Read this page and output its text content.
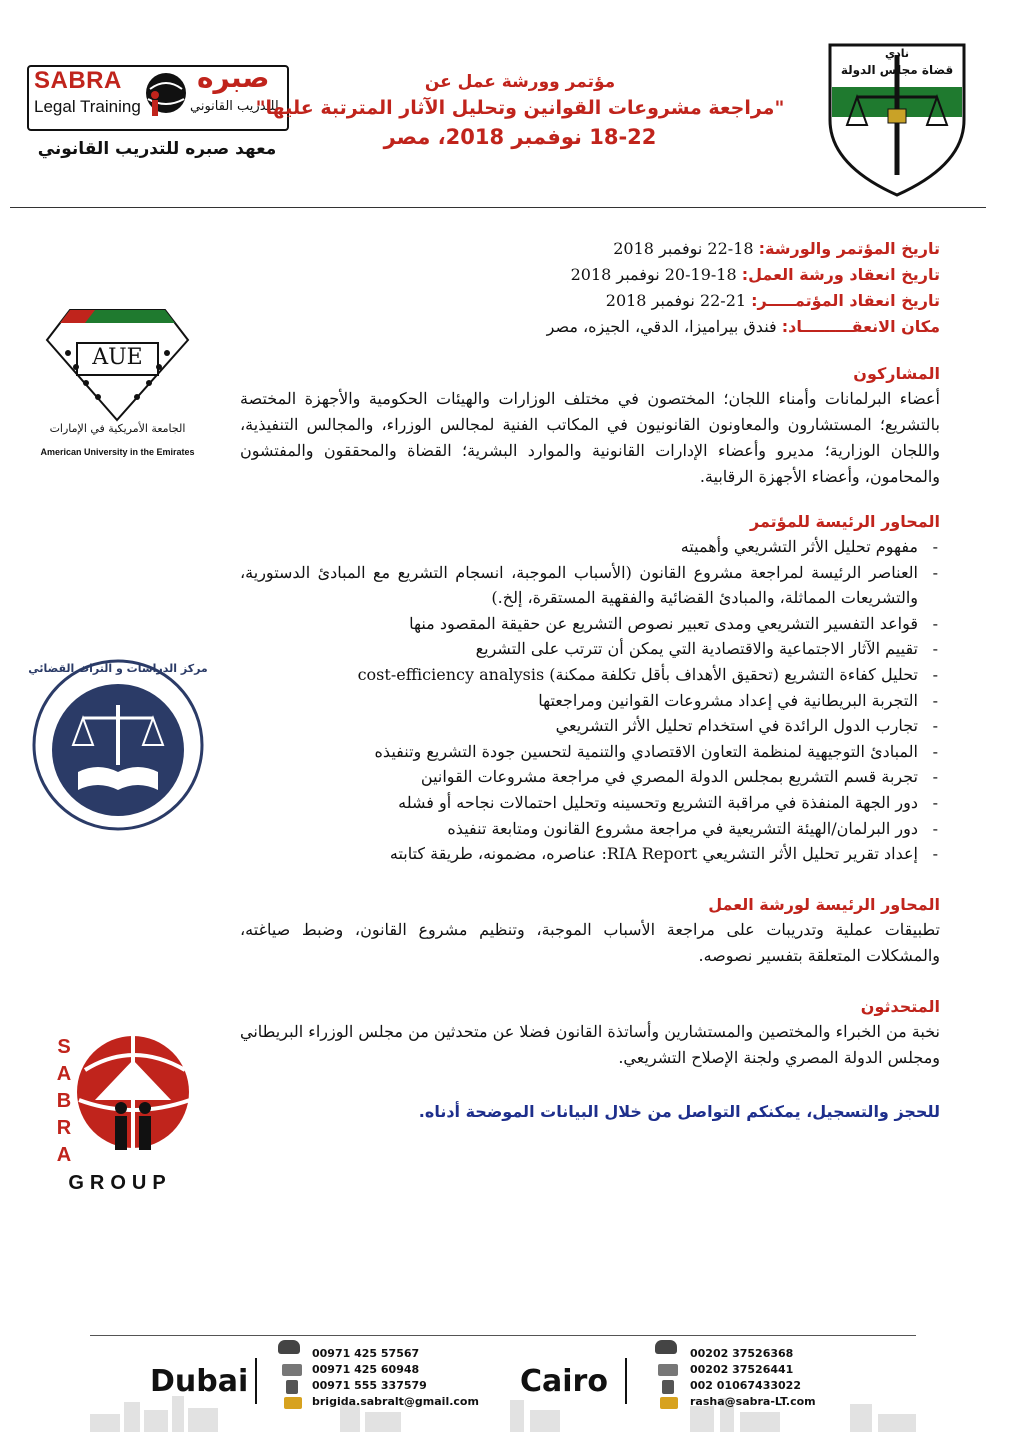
SABRA
Legal Training
صبره
للتدريب القانوني
معهد صبره للتدريب القانوني
نادي
قضاة مجلس الدولة
مؤتمر وورشة عمل عن
"مراجعة مشروعات القوانين وتحليل الآثار المترتبة عليها"
18-22 نوفمبر 2018، مصر
AUE
الجامعة الأمريكية في الإمارات
American University in the Emirates
مركز الدراسات و التراث القضائي
S
A
B
R
A
GROUP
تاريخ المؤتمر والورشة: 18-22 نوفمبر 2018
تاريخ انعقاد ورشة العمل: 18-19-20 نوفمبر 2018
تاريخ انعقاد المؤتمـــــر: 21-22 نوفمبر 2018
مكان الانعقـــــــــاد: فندق بيراميزا، الدقي، الجيزه، مصر
المشاركون
أعضاء البرلمانات وأمناء اللجان؛ المختصون في مختلف الوزارات والهيئات الحكومية والأجهزة المختصة بالتشريع؛ المستشارون والمعاونون القانونيون في المكاتب الفنية لمجالس الوزراء، والمجالس التنفيذية، واللجان الوزارية؛ مديرو وأعضاء الإدارات القانونية والموارد البشرية؛ القضاة والمحققون والمفتشون والمحامون، وأعضاء الأجهزة الرقابية.
المحاور الرئيسة للمؤتمر
- مفهوم تحليل الأثر التشريعي وأهميته
- العناصر الرئيسة لمراجعة مشروع القانون (الأسباب الموجبة، انسجام التشريع مع المبادئ الدستورية، والتشريعات المماثلة، والمبادئ القضائية والفقهية المستقرة، إلخ.)
- قواعد التفسير التشريعي ومدى تعبير نصوص التشريع عن حقيقة المقصود منها
- تقييم الآثار الاجتماعية والاقتصادية التي يمكن أن تترتب على التشريع
- تحليل كفاءة التشريع (تحقيق الأهداف بأقل تكلفة ممكنة) cost-efficiency analysis
- التجربة البريطانية في إعداد مشروعات القوانين ومراجعتها
- تجارب الدول الرائدة في استخدام تحليل الأثر التشريعي
- المبادئ التوجيهية لمنظمة التعاون الاقتصادي والتنمية لتحسين جودة التشريع وتنفيذه
- تجربة قسم التشريع بمجلس الدولة المصري في مراجعة مشروعات القوانين
- دور الجهة المنفذة في مراقبة التشريع وتحسينه وتحليل احتمالات نجاحه أو فشله
- دور البرلمان/الهيئة التشريعية في مراجعة مشروع القانون ومتابعة تنفيذه
- إعداد تقرير تحليل الأثر التشريعي RIA Report: عناصره، مضمونه، طريقة كتابته
المحاور الرئيسة لورشة العمل
تطبيقات عملية وتدريبات على مراجعة الأسباب الموجبة، وتنظيم مشروع القانون، وضبط صياغته، والمشكلات المتعلقة بتفسير نصوصه.
المتحدثون
نخبة من الخبراء والمختصين والمستشارين وأساتذة القانون فضلا عن متحدثين من مجلس الوزراء البريطاني ومجلس الدولة المصري ولجنة الإصلاح التشريعي.
للحجز والتسجيل، يمكنكم التواصل من خلال البيانات الموضحة أدناه.
Dubai
00971 425 57567
00971 425 60948
00971 555 337579
brigida.sabralt@gmail.com
Cairo
00202 37526368
00202 37526441
002 01067433022
rasha@sabra-LT.com
